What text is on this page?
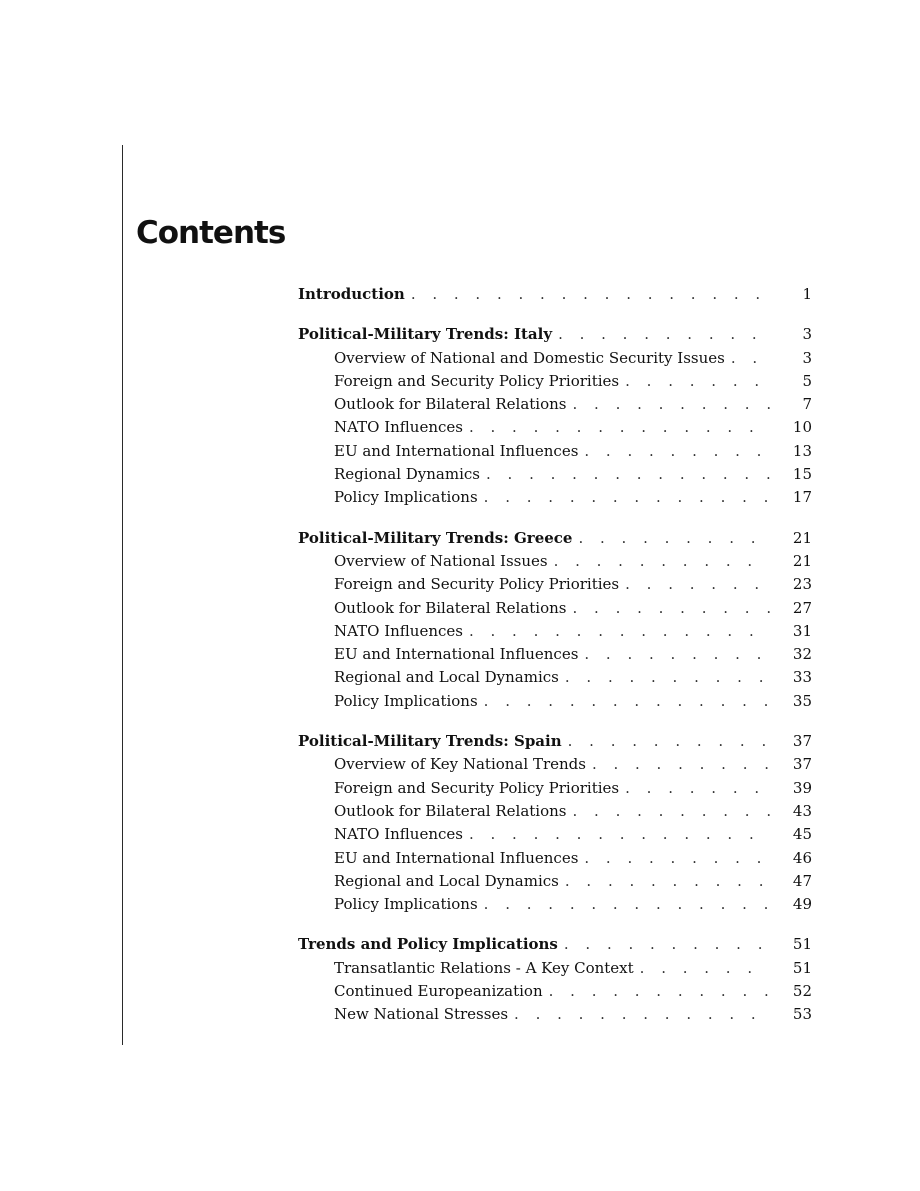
Contents
Introduction . . .	1
Political-Military Trends: Italy . . .	3
Overview of National and Domestic Security Issues . . .	3
Foreign and Security Policy Priorities . . .	5
Outlook for Bilateral Relations . . .	7
NATO Influences . . .	10
EU and International Influences . . .	13
Regional Dynamics . . .	15
Policy Implications . . .	17
Political-Military Trends: Greece . . .	21
Overview of National Issues . . .	21
Foreign and Security Policy Priorities . . .	23
Outlook for Bilateral Relations . . .	27
NATO Influences . . .	31
EU and International Influences . . .	32
Regional and Local Dynamics . . .	33
Policy Implications . . .	35
Political-Military Trends: Spain . . .	37
Overview of Key National Trends . . .	37
Foreign and Security Policy Priorities . . .	39
Outlook for Bilateral Relations . . .	43
NATO Influences . . .	45
EU and International Influences . . .	46
Regional and Local Dynamics . . .	47
Policy Implications . . .	49
Trends and Policy Implications . . .	51
Transatlantic Relations - A Key Context . . .	51
Continued Europeanization . . .	52
New National Stresses . . .	53
